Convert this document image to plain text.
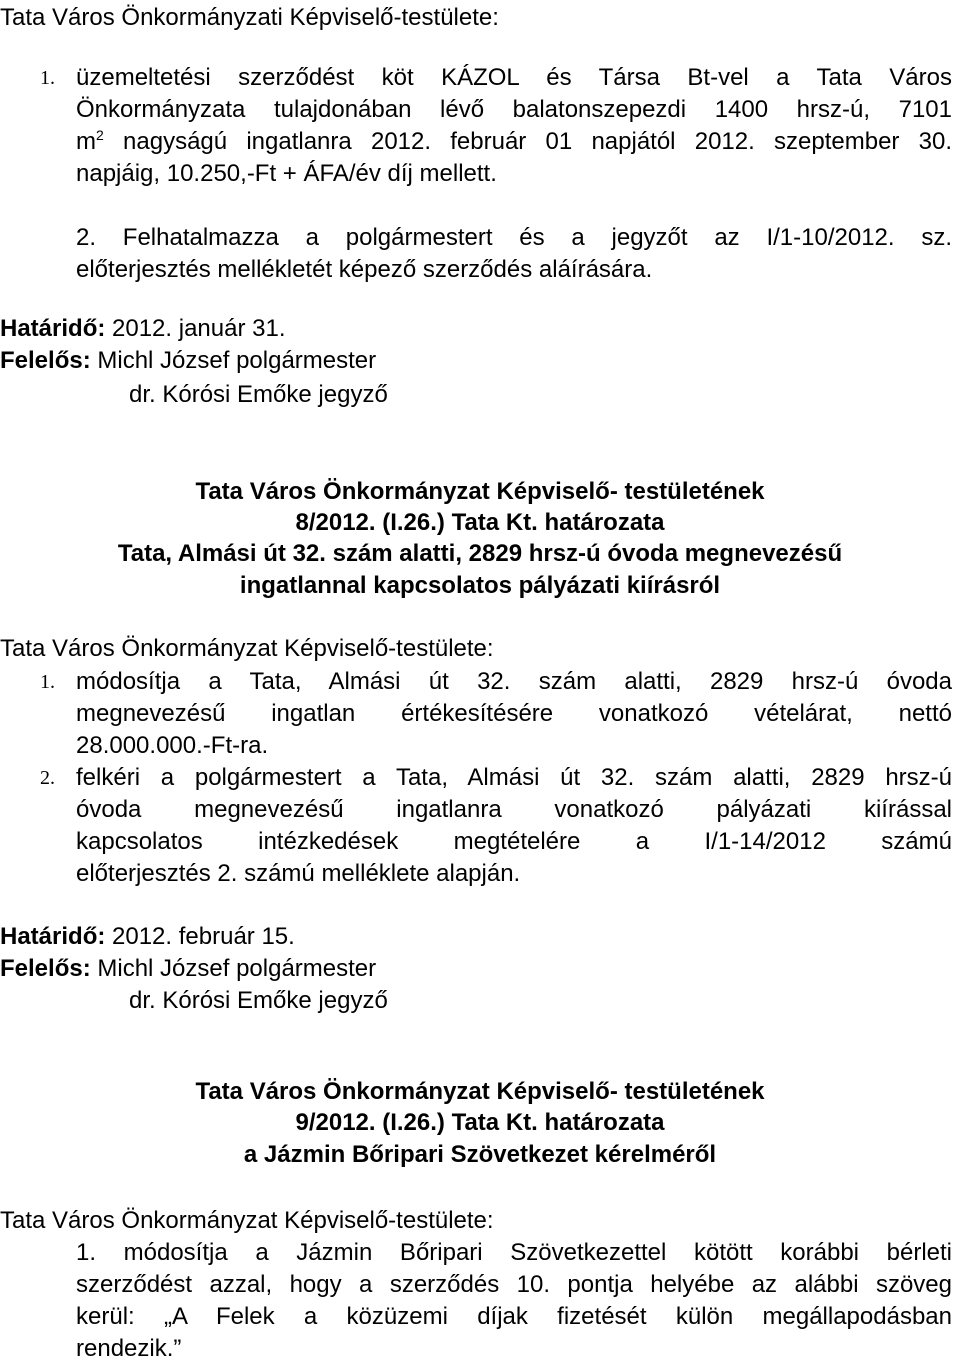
Tata Város Önkormányzati Képviselő-testülete:

1. üzemeltetési szerződést köt KÁZOL és Társa Bt-vel a Tata Város
Önkormányzata tulajdonában lévő balatonszepezdi 1400 hrsz-ú, 7101
$m^2$ nagyságú ingatlanra 2012. február 01 napjától 2012. szeptember 30.
napjáig, 10.250,-Ft + ÁFA/év díj mellett.
2. Felhatalmazza a polgármestert és a jegyzőt az I/1-10/2012. sz.
előterjesztés mellékletét képező szerződés aláírására.

Határidő: 2012. január 31.

Felelős: Michl József polgármester

dr. Kórósi Emőke jegyző

Tata Város Önkormányzat Képviselő- testületének
8/2012. (I.26.) Tata Kt. határozata
Tata, Almási út 32. szám alatti, 2829 hrsz-ú óvoda megnevezésű
ingatlannal kapcsolatos pályázati kiírásról

Tata Város Önkormányzat Képviselő-testülete:

1. módosítja a Tata, Almási út 32. szám alatti, 2829 hrsz-ú óvoda
megnevezésű ingatlan értékesítésére vonatkozó vételárat, nettó
28.000.000.-Ft-ra.
2. felkéri a polgármestert a Tata, Almási út 32. szám alatti, 2829 hrsz-ú
óvoda megnevezésű ingatlanra vonatkozó pályázati kiírással
kapcsolatos intézkedések megtételére a I/1-14/2012 számú
előterjesztés 2. számú melléklete alapján.

Határidő: 2012. február 15.

Felelős: Michl József polgármester

dr. Kórósi Emőke jegyző

Tata Város Önkormányzat Képviselő- testületének
9/2012. (I.26.) Tata Kt. határozata
a Jázmin Bőripari Szövetkezet kérelméről

Tata Város Önkormányzat Képviselő-testülete:

1. módosítja a Jázmin Bőripari Szövetkezettel kötött korábbi bérleti
szerződést azzal, hogy a szerződés 10. pontja helyébe az alábbi szöveg
kerül: „A Felek a közüzemi díjak fizetését külön megállapodásban
rendezik.”
